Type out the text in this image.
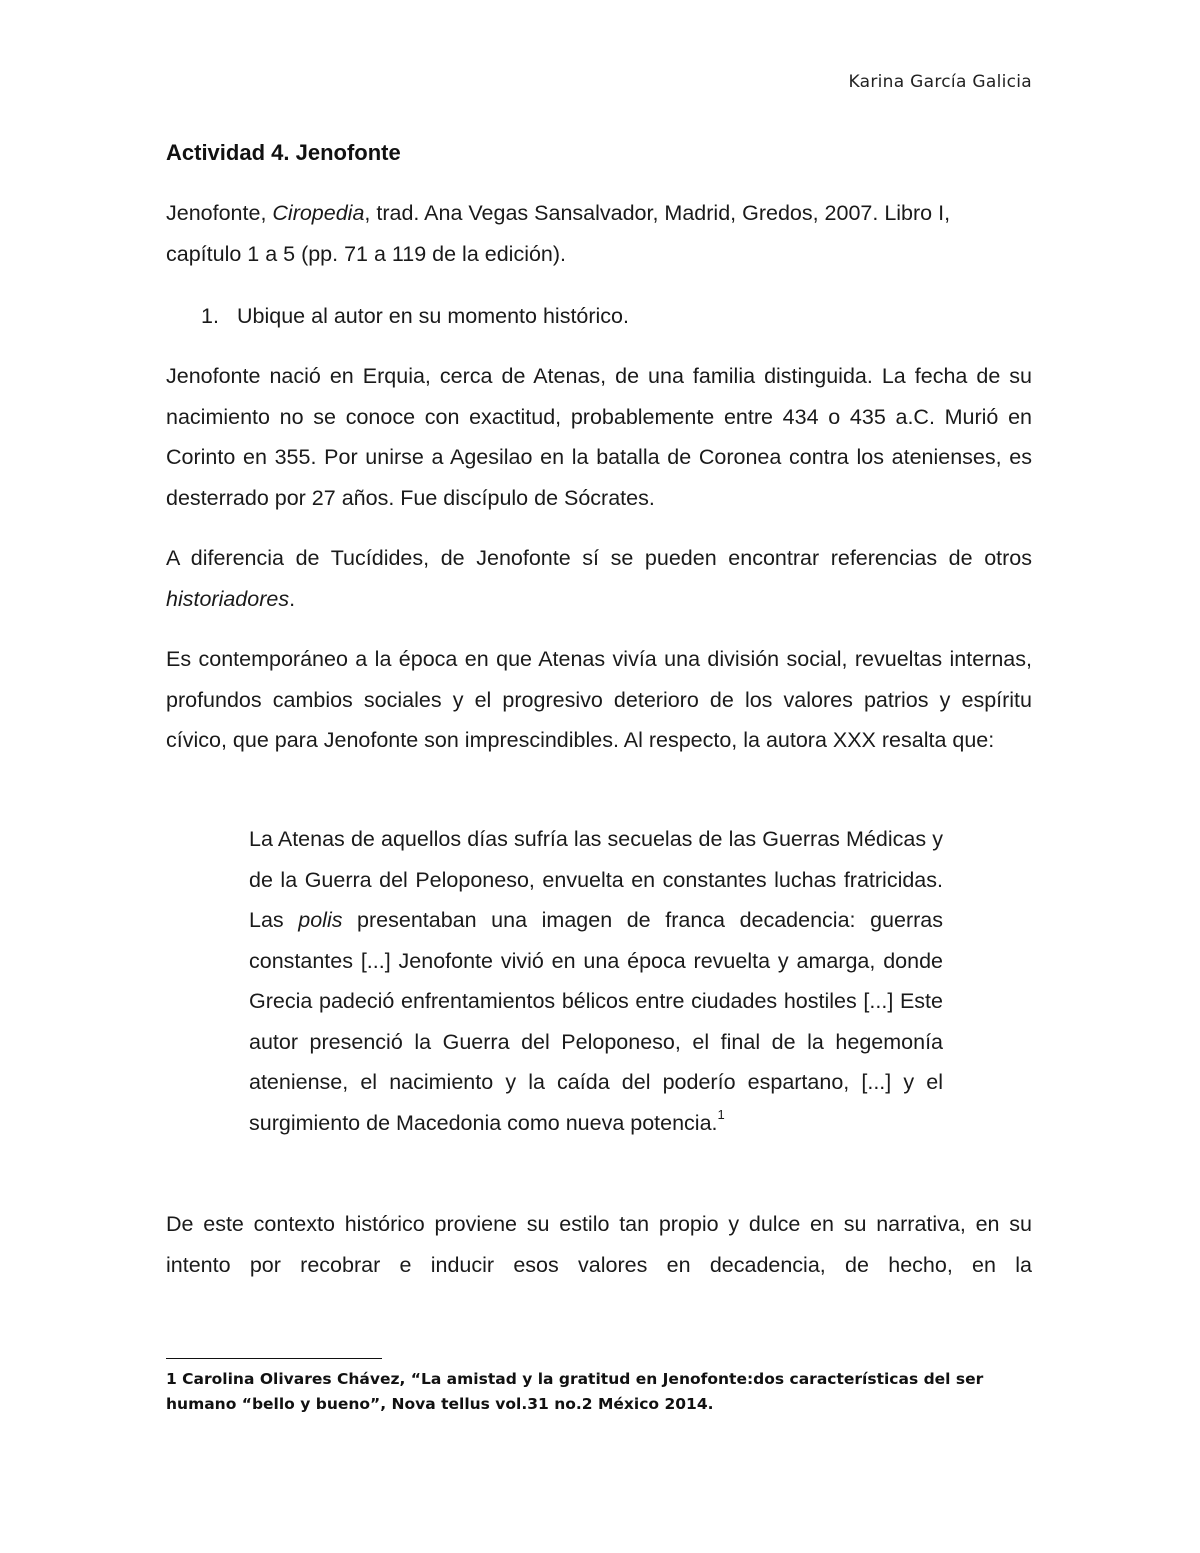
Karina García Galicia
Actividad 4. Jenofonte
Jenofonte, Ciropedia, trad. Ana Vegas Sansalvador, Madrid, Gredos, 2007. Libro I,
capítulo 1 a 5 (pp. 71 a 119 de la edición).
1. Ubique al autor en su momento histórico.
Jenofonte nació en Erquia, cerca de Atenas, de una familia distinguida. La fecha de su nacimiento no se conoce con exactitud, probablemente entre 434 o 435 a.C. Murió en Corinto en 355. Por unirse a Agesilao en la batalla de Coronea contra los atenienses, es desterrado por 27 años. Fue discípulo de Sócrates.
A diferencia de Tucídides, de Jenofonte sí se pueden encontrar referencias de otros historiadores.
Es contemporáneo a la época en que Atenas vivía una división social, revueltas internas, profundos cambios sociales y el progresivo deterioro de los valores patrios y espíritu cívico, que para Jenofonte son imprescindibles. Al respecto, la autora XXX resalta que:
La Atenas de aquellos días sufría las secuelas de las Guerras Médicas y de la Guerra del Peloponeso, envuelta en constantes luchas fratricidas. Las polis presentaban una imagen de franca decadencia: guerras constantes [...] Jenofonte vivió en una época revuelta y amarga, donde Grecia padeció enfrentamientos bélicos entre ciudades hostiles [...] Este autor presenció la Guerra del Peloponeso, el final de la hegemonía ateniense, el nacimiento y la caída del poderío espartano, [...] y el surgimiento de Macedonia como nueva potencia.$^1$
De este contexto histórico proviene su estilo tan propio y dulce en su narrativa, en su intento por recobrar e inducir esos valores en decadencia, de hecho, en la
1 Carolina Olivares Chávez, “La amistad y la gratitud en Jenofonte:dos características del ser humano “bello y bueno”, Nova tellus vol.31 no.2 México 2014.
